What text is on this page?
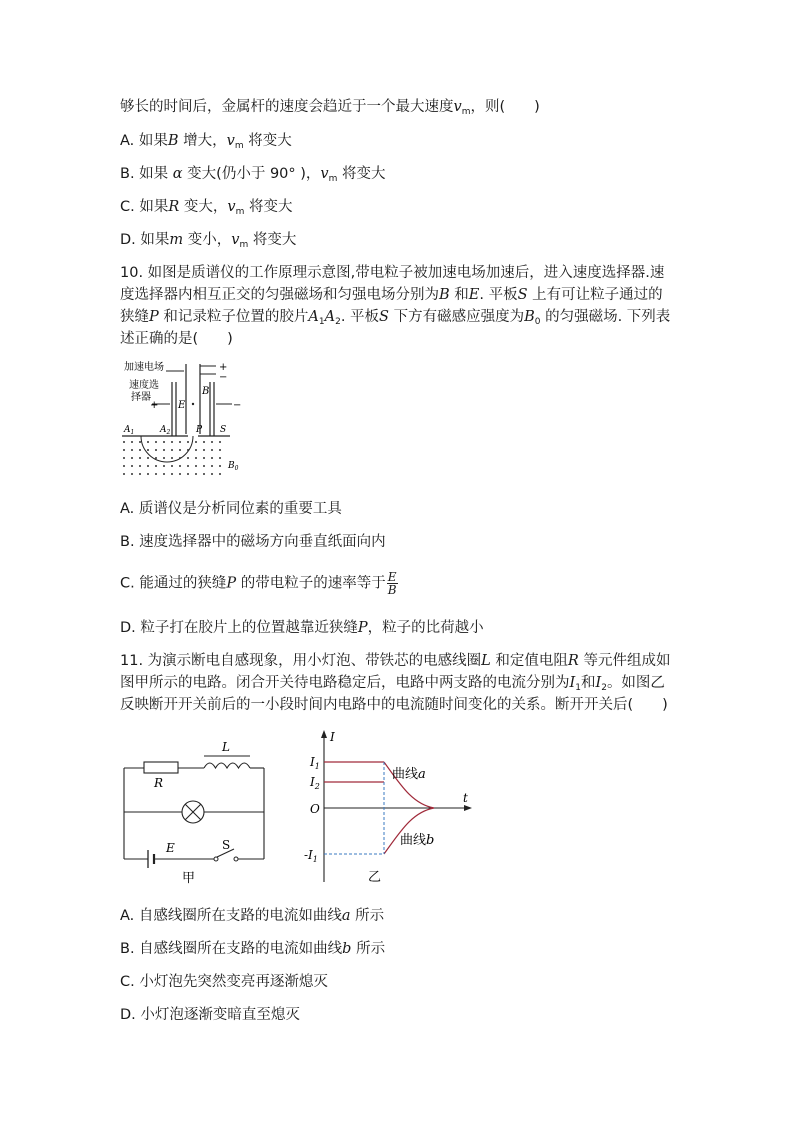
够长的时间后，金属杆的速度会趋近于一个最大速度$v_m$，则(　　)
A. 如果B 增大，$v_m$ 将变大
B. 如果 α 变大(仍小于 90° )，$v_m$ 将变大
C. 如果R 变大，$v_m$ 将变大
D. 如果m 变小，$v_m$ 将变大
10. 如图是质谱仪的工作原理示意图,带电粒子被加速电场加速后，进入速度选择器.速
度选择器内相互正交的匀强磁场和匀强电场分别为B 和E. 平板S 上有可让粒子通过的
狭缝P 和记录粒子位置的胶片$A_1A_2$. 平板S 下方有磁感应强度为$B_0$ 的匀强磁场. 下列表
述正确的是(　　)
加速电场	+
−
速度选
择器
+	−
E
B
$A_1$	$A_2$	P S
$B_0$
A. 质谱仪是分析同位素的重要工具
B. 速度选择器中的磁场方向垂直纸面向内
C. 能通过的狭缝P 的带电粒子的速率等于 $\frac{E}{B}$
D. 粒子打在胶片上的位置越靠近狭缝P，粒子的比荷越小
11. 为演示断电自感现象，用小灯泡、带铁芯的电感线圈L 和定值电阻R 等元件组成如
图甲所示的电路。闭合开关待电路稳定后，电路中两支路的电流分别为$I_1$和$I_2$。如图乙
反映断开开关前后的一小段时间内电路中的电流随时间变化的关系。断开开关后(　　)
R
L
E	S
甲
I
t
O
$I_1$
$I_2$
$-I_1$
曲线a
曲线b
乙
A. 自感线圈所在支路的电流如曲线a 所示
B. 自感线圈所在支路的电流如曲线b 所示
C. 小灯泡先突然变亮再逐渐熄灭
D. 小灯泡逐渐变暗直至熄灭
